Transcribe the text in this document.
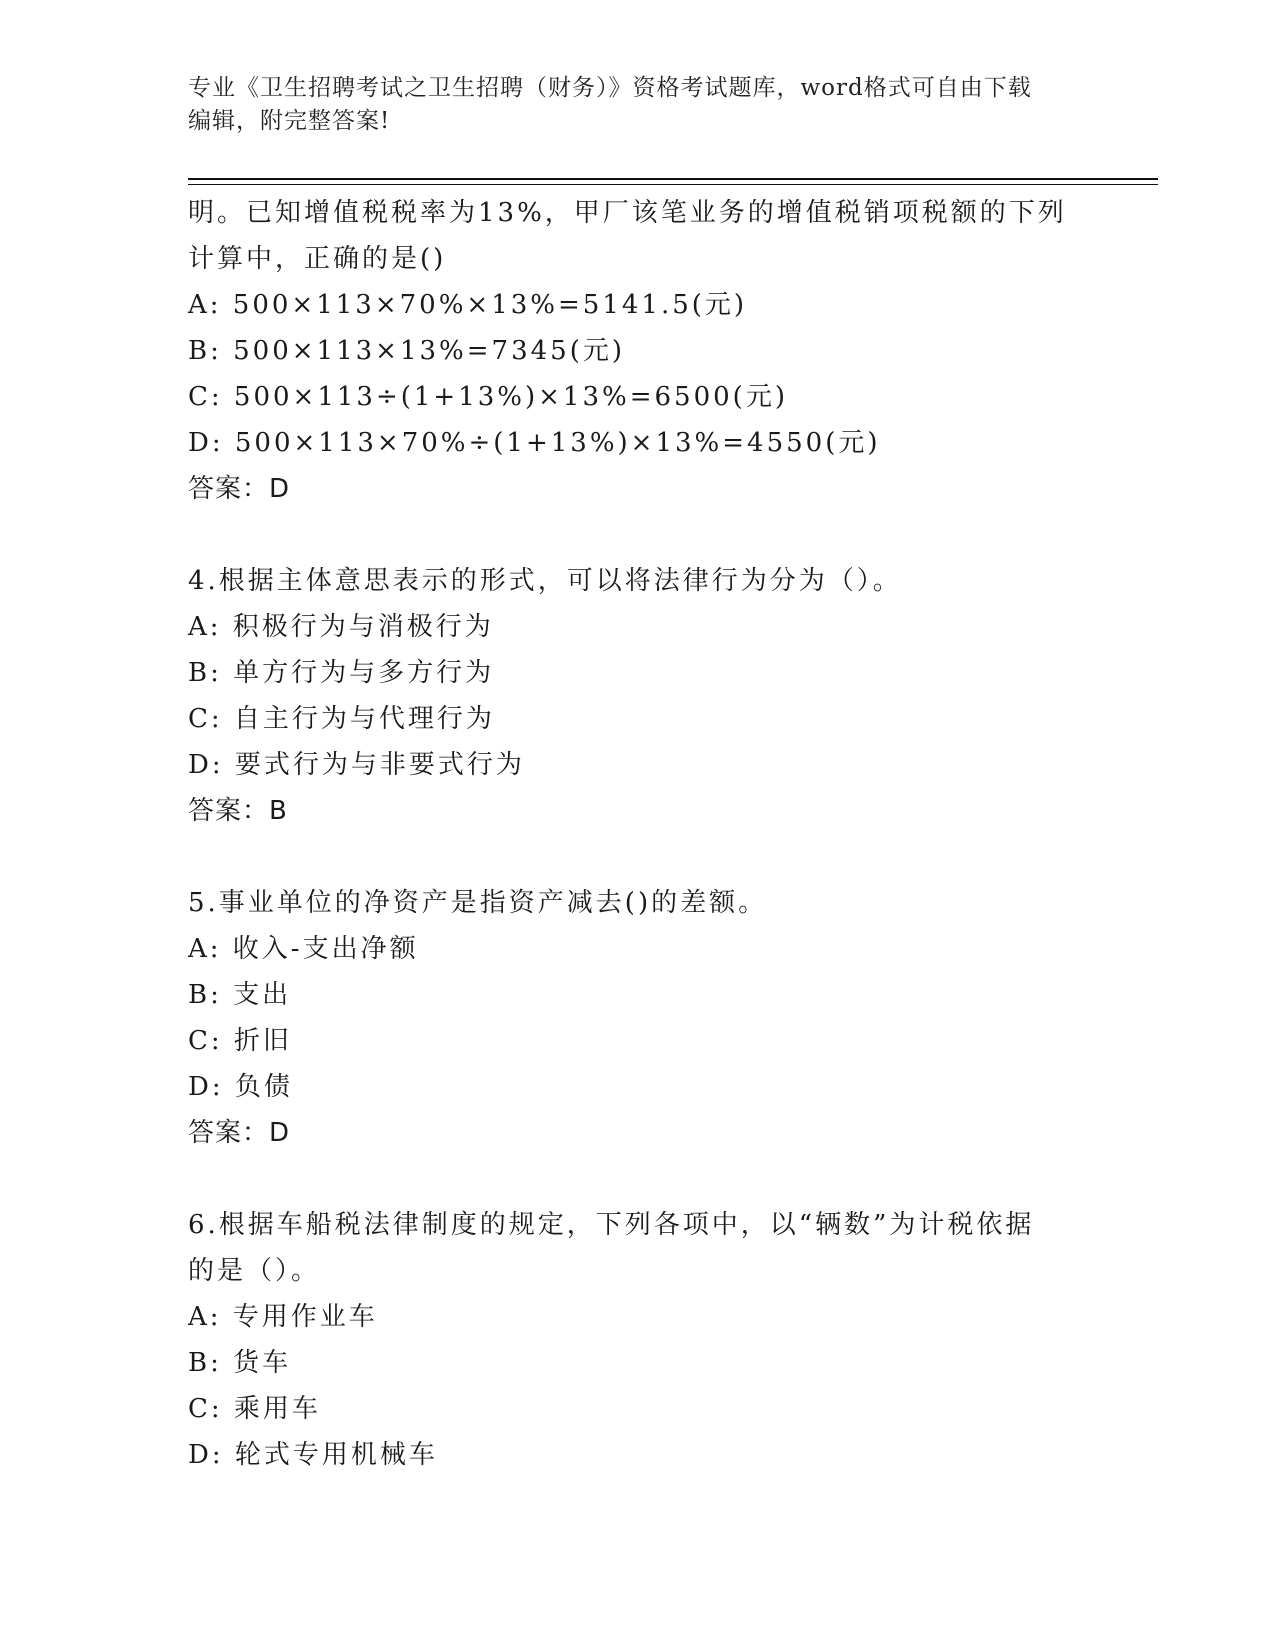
专业《卫生招聘考试之卫生招聘（财务）》资格考试题库，word格式可自由下载
编辑，附完整答案!
明。已知增值税税率为13%，甲厂该笔业务的增值税销项税额的下列
计算中，正确的是()
A: 500×113×70%×13%=5141.5(元)
B: 500×113×13%=7345(元)
C: 500×113÷(1+13%)×13%=6500(元)
D: 500×113×70%÷(1+13%)×13%=4550(元)
答案：D
4.根据主体意思表示的形式，可以将法律行为分为（）。
A: 积极行为与消极行为
B: 单方行为与多方行为
C: 自主行为与代理行为
D: 要式行为与非要式行为
答案：B
5.事业单位的净资产是指资产减去()的差额。
A: 收入-支出净额
B: 支出
C: 折旧
D: 负债
答案：D
6.根据车船税法律制度的规定，下列各项中，以“辆数”为计税依据
的是（）。
A: 专用作业车
B: 货车
C: 乘用车
D: 轮式专用机械车
